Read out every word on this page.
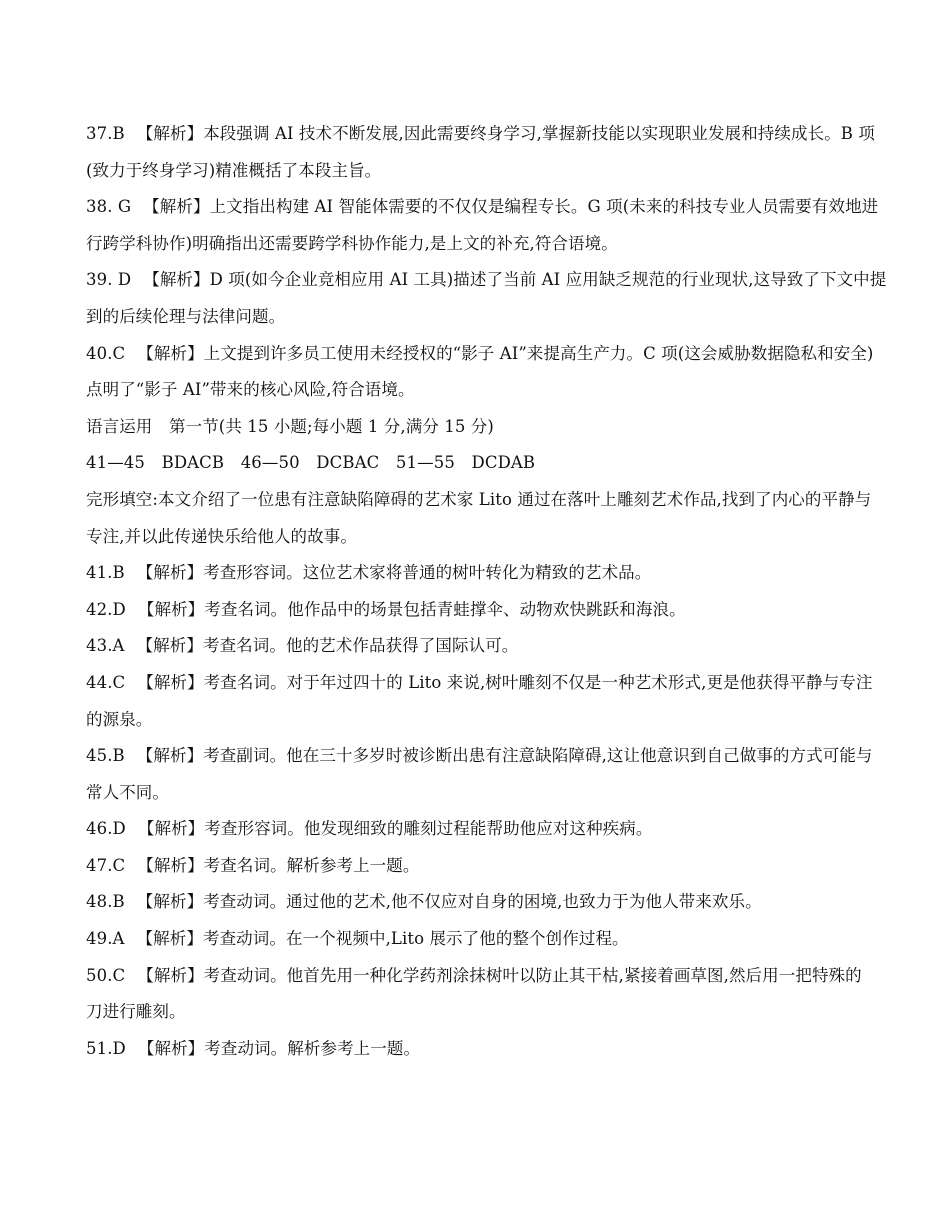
37.B 【解析】本段强调 AI 技术不断发展,因此需要终身学习,掌握新技能以实现职业发展和持续成长。B 项
(致力于终身学习)精准概括了本段主旨。
38. G 【解析】上文指出构建 AI 智能体需要的不仅仅是编程专长。G 项(未来的科技专业人员需要有效地进
行跨学科协作)明确指出还需要跨学科协作能力,是上文的补充,符合语境。
39. D 【解析】D 项(如今企业竞相应用 AI 工具)描述了当前 AI 应用缺乏规范的行业现状,这导致了下文中提
到的后续伦理与法律问题。
40.C 【解析】上文提到许多员工使用未经授权的“影子 AI”来提高生产力。C 项(这会威胁数据隐私和安全)
点明了“影子 AI”带来的核心风险,符合语境。
语言运用　第一节(共 15 小题;每小题 1 分,满分 15 分)
41—45　BDACB　46—50　DCBAC　51—55　DCDAB
完形填空:本文介绍了一位患有注意缺陷障碍的艺术家 Lito 通过在落叶上雕刻艺术作品,找到了内心的平静与
专注,并以此传递快乐给他人的故事。
41.B 【解析】考查形容词。这位艺术家将普通的树叶转化为精致的艺术品。
42.D 【解析】考查名词。他作品中的场景包括青蛙撑伞、动物欢快跳跃和海浪。
43.A 【解析】考查名词。他的艺术作品获得了国际认可。
44.C 【解析】考查名词。对于年过四十的 Lito 来说,树叶雕刻不仅是一种艺术形式,更是他获得平静与专注
的源泉。
45.B 【解析】考查副词。他在三十多岁时被诊断出患有注意缺陷障碍,这让他意识到自己做事的方式可能与
常人不同。
46.D 【解析】考查形容词。他发现细致的雕刻过程能帮助他应对这种疾病。
47.C 【解析】考查名词。解析参考上一题。
48.B 【解析】考查动词。通过他的艺术,他不仅应对自身的困境,也致力于为他人带来欢乐。
49.A 【解析】考查动词。在一个视频中,Lito 展示了他的整个创作过程。
50.C 【解析】考查动词。他首先用一种化学药剂涂抹树叶以防止其干枯,紧接着画草图,然后用一把特殊的
刀进行雕刻。
51.D 【解析】考查动词。解析参考上一题。
